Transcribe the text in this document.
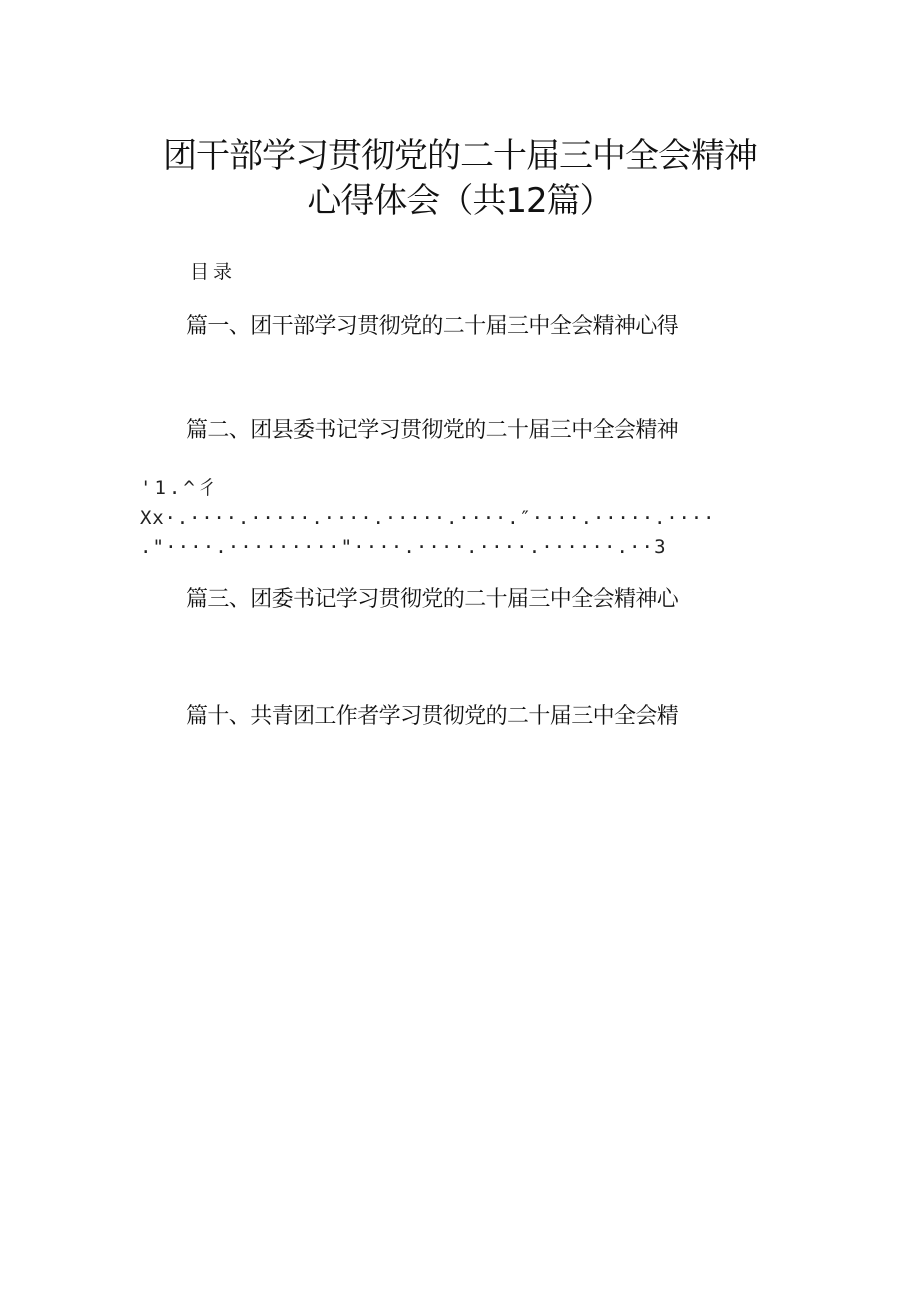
团干部学习贯彻党的二十届三中全会精神
心得体会（共12篇）
目录
篇一、团干部学习贯彻党的二十届三中全会精神心得
篇二、团县委书记学习贯彻党的二十届三中全会精神
'1.^彳
Xx·.····.·····.····.·····.····.″····.·····.····
."····.·········"····.····.····.······.··3
篇三、团委书记学习贯彻党的二十届三中全会精神心
篇十、共青团工作者学习贯彻党的二十届三中全会精
